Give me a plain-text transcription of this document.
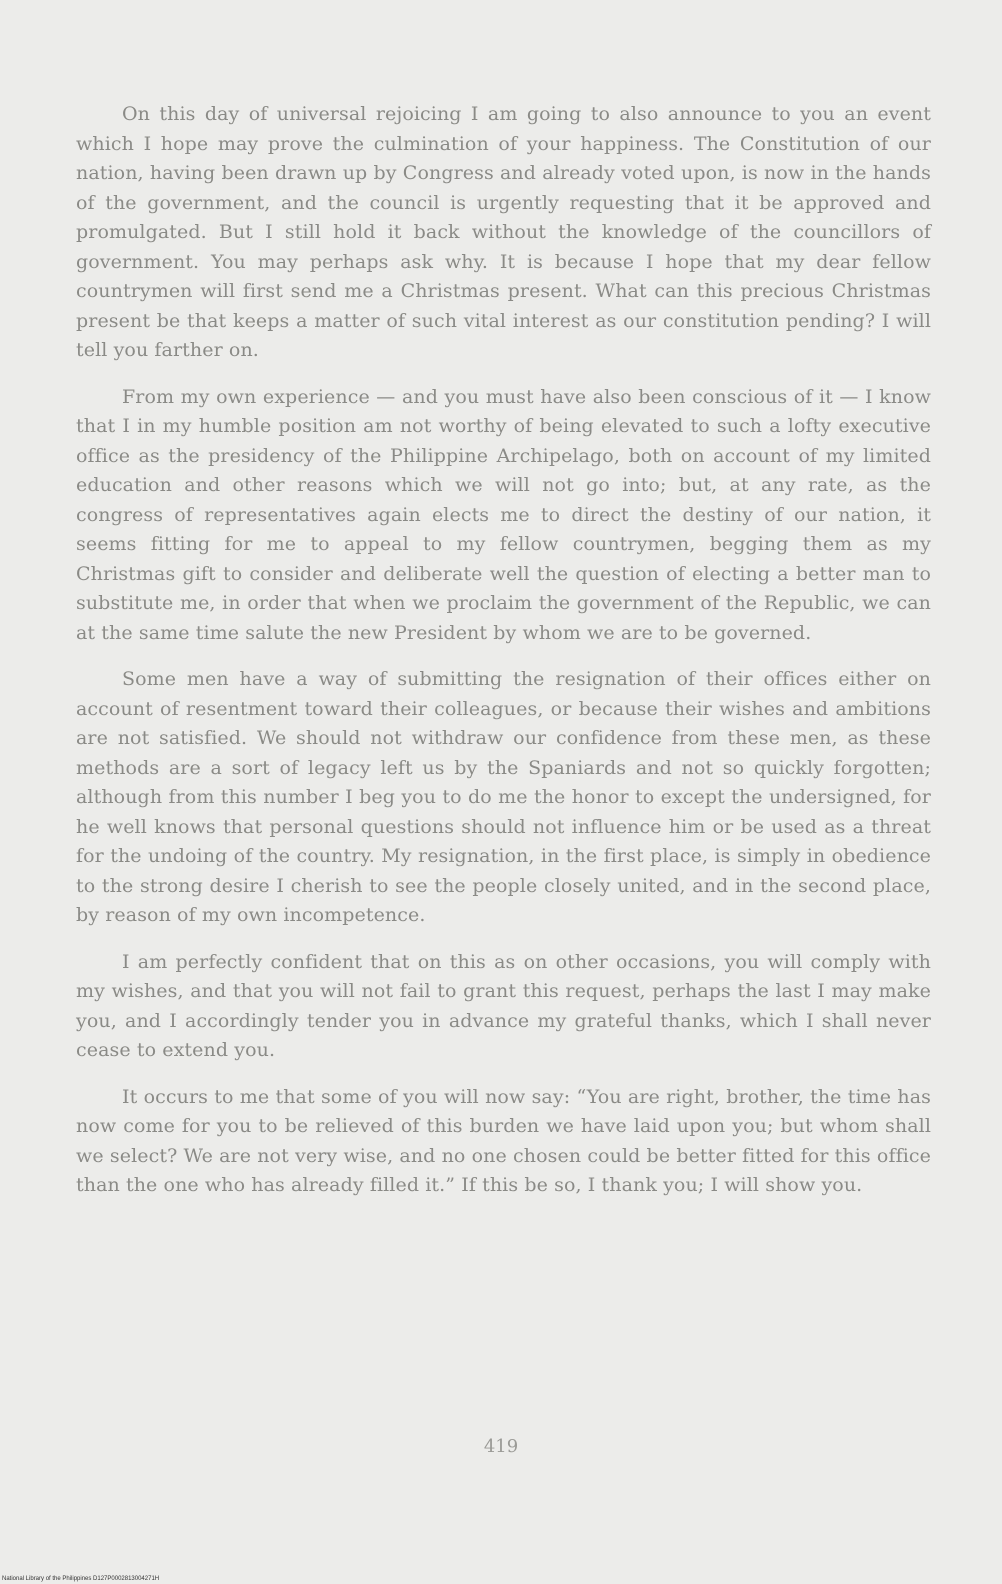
On this day of universal rejoicing I am going to also announce to you an event which I hope may prove the culmination of your happiness. The Constitution of our nation, having been drawn up by Congress and already voted upon, is now in the hands of the government, and the council is urgently requesting that it be approved and promulgated. But I still hold it back without the knowledge of the councillors of government. You may perhaps ask why. It is because I hope that my dear fellow countrymen will first send me a Christmas present. What can this precious Christmas present be that keeps a matter of such vital interest as our constitution pending? I will tell you farther on.

From my own experience — and you must have also been conscious of it — I know that I in my humble position am not worthy of being elevated to such a lofty executive office as the presidency of the Philippine Archipelago, both on account of my limited education and other reasons which we will not go into; but, at any rate, as the congress of representatives again elects me to direct the destiny of our nation, it seems fitting for me to appeal to my fellow countrymen, begging them as my Christmas gift to consider and deliberate well the question of electing a better man to substitute me, in order that when we proclaim the government of the Republic, we can at the same time salute the new President by whom we are to be governed.

Some men have a way of submitting the resignation of their offices either on account of resentment toward their colleagues, or because their wishes and ambitions are not satisfied. We should not withdraw our confidence from these men, as these methods are a sort of legacy left us by the Spaniards and not so quickly forgotten; although from this number I beg you to do me the honor to except the undersigned, for he well knows that personal questions should not influence him or be used as a threat for the undoing of the country. My resignation, in the first place, is simply in obedience to the strong desire I cherish to see the people closely united, and in the second place, by reason of my own incompetence.

I am perfectly confident that on this as on other occasions, you will comply with my wishes, and that you will not fail to grant this request, perhaps the last I may make you, and I accordingly tender you in advance my grateful thanks, which I shall never cease to extend you.

It occurs to me that some of you will now say: “You are right, brother, the time has now come for you to be relieved of this burden we have laid upon you; but whom shall we select? We are not very wise, and no one chosen could be better fitted for this office than the one who has already filled it.” If this be so, I thank you; I will show you.

419
National Library of the Philippines D127P0002813004271H
